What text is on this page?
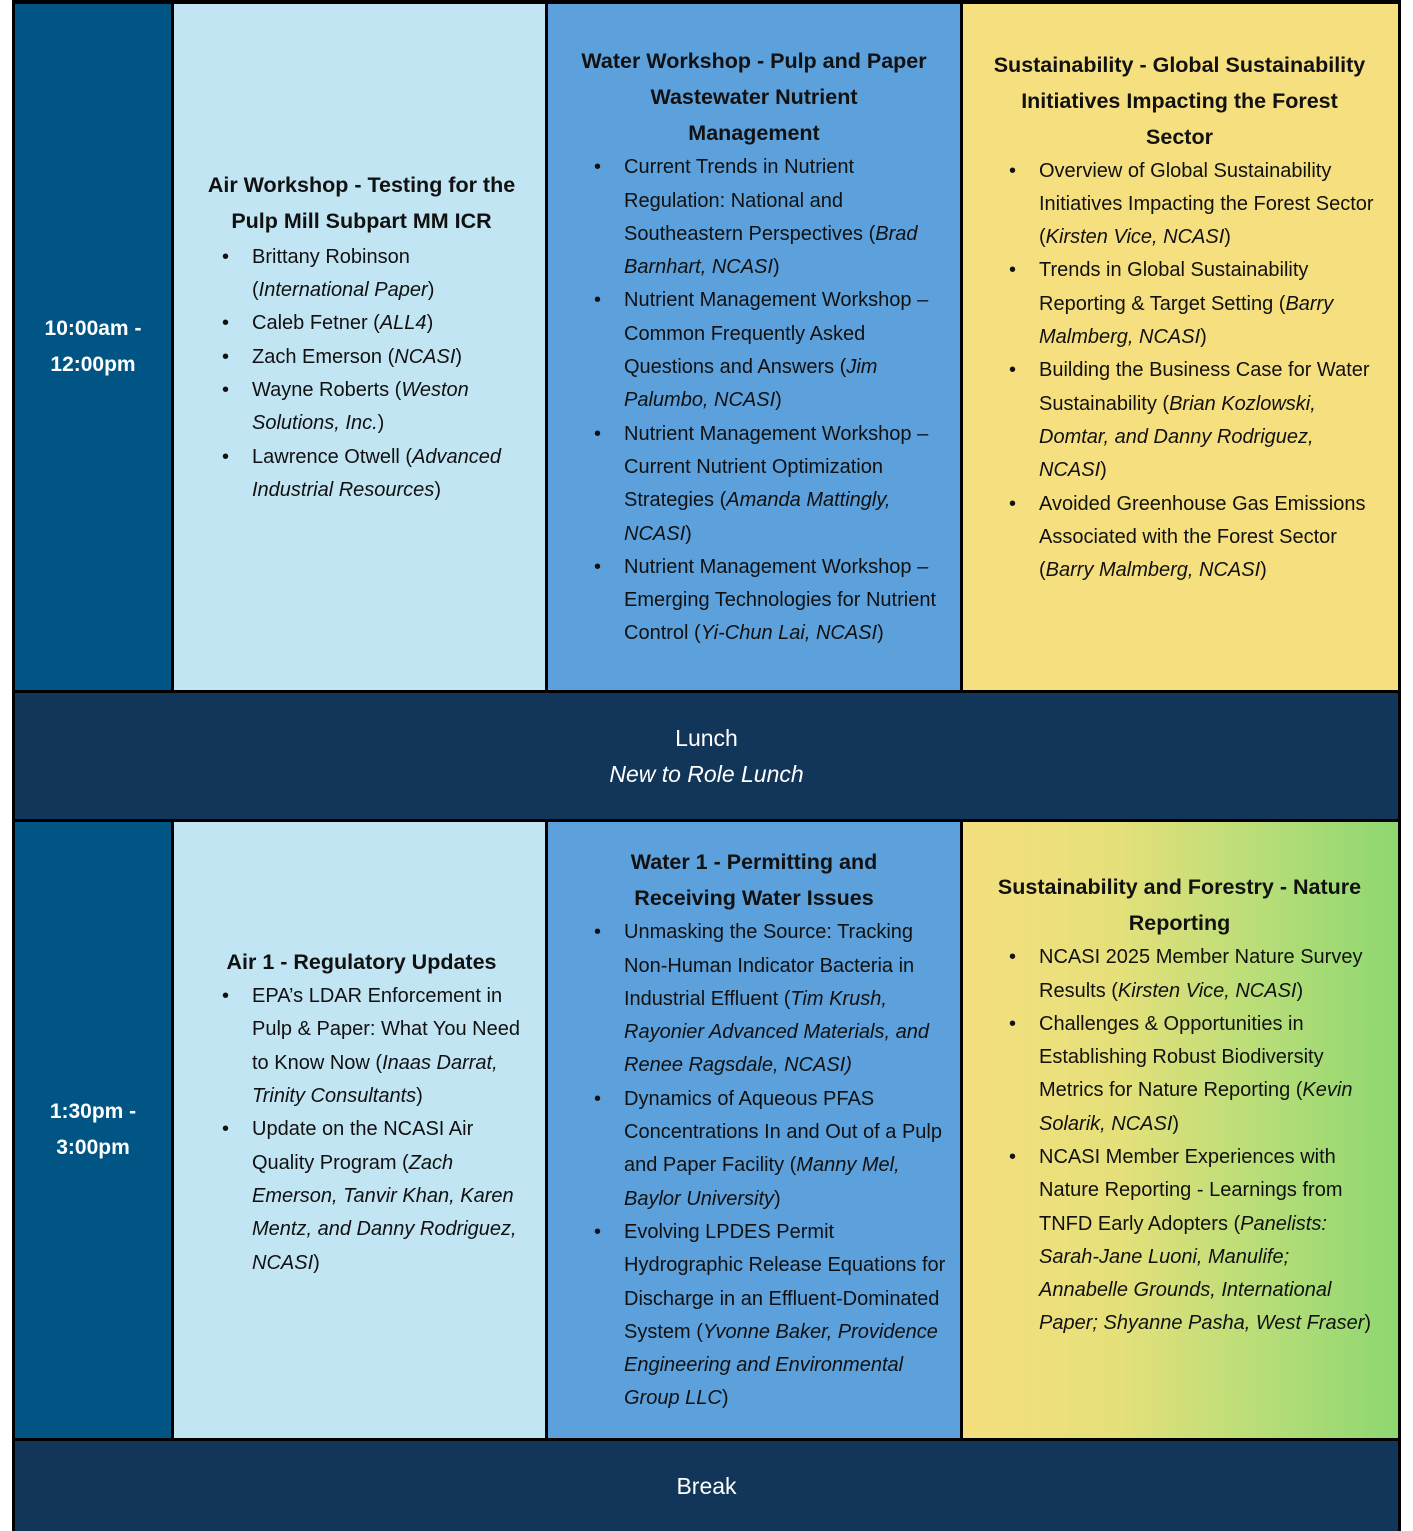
10:00am -
12:00pm
Air Workshop - Testing for the
Pulp Mill Subpart MM ICR
• Brittany Robinson (International Paper)
• Caleb Fetner (ALL4)
• Zach Emerson (NCASI)
• Wayne Roberts (Weston Solutions, Inc.)
• Lawrence Otwell (Advanced Industrial Resources)
Water Workshop - Pulp and Paper
Wastewater Nutrient
Management
• Current Trends in Nutrient Regulation: National and Southeastern Perspectives (Brad Barnhart, NCASI)
• Nutrient Management Workshop – Common Frequently Asked Questions and Answers (Jim Palumbo, NCASI)
• Nutrient Management Workshop – Current Nutrient Optimization Strategies (Amanda Mattingly, NCASI)
• Nutrient Management Workshop – Emerging Technologies for Nutrient Control (Yi-Chun Lai, NCASI)
Sustainability - Global Sustainability
Initiatives Impacting the Forest
Sector
• Overview of Global Sustainability Initiatives Impacting the Forest Sector (Kirsten Vice, NCASI)
• Trends in Global Sustainability Reporting & Target Setting (Barry Malmberg, NCASI)
• Building the Business Case for Water Sustainability (Brian Kozlowski, Domtar, and Danny Rodriguez, NCASI)
• Avoided Greenhouse Gas Emissions Associated with the Forest Sector (Barry Malmberg, NCASI)
Lunch
New to Role Lunch
1:30pm -
3:00pm
Air 1 - Regulatory Updates
• EPA’s LDAR Enforcement in Pulp & Paper: What You Need to Know Now (Inaas Darrat, Trinity Consultants)
• Update on the NCASI Air Quality Program (Zach Emerson, Tanvir Khan, Karen Mentz, and Danny Rodriguez, NCASI)
Water 1 - Permitting and
Receiving Water Issues
• Unmasking the Source: Tracking Non-Human Indicator Bacteria in Industrial Effluent (Tim Krush, Rayonier Advanced Materials, and Renee Ragsdale, NCASI)
• Dynamics of Aqueous PFAS Concentrations In and Out of a Pulp and Paper Facility (Manny Mel, Baylor University)
• Evolving LPDES Permit Hydrographic Release Equations for Discharge in an Effluent-Dominated System (Yvonne Baker, Providence Engineering and Environmental Group LLC)
Sustainability and Forestry - Nature
Reporting
• NCASI 2025 Member Nature Survey Results (Kirsten Vice, NCASI)
• Challenges & Opportunities in Establishing Robust Biodiversity Metrics for Nature Reporting (Kevin Solarik, NCASI)
• NCASI Member Experiences with Nature Reporting - Learnings from TNFD Early Adopters (Panelists: Sarah-Jane Luoni, Manulife; Annabelle Grounds, International Paper; Shyanne Pasha, West Fraser)
Break
